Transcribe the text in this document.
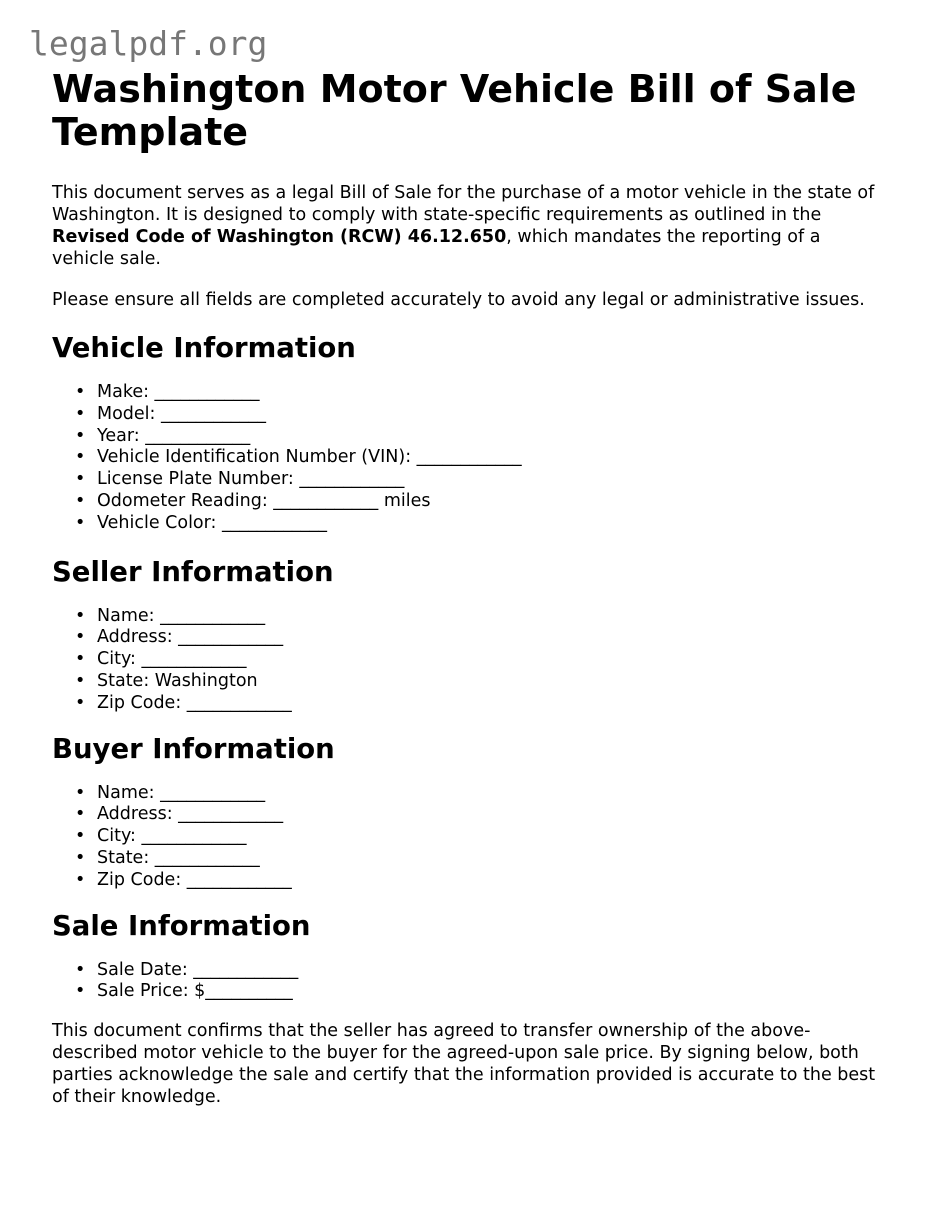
legalpdf.org
Washington Motor Vehicle Bill of Sale Template

This document serves as a legal Bill of Sale for the purchase of a motor vehicle in the state of Washington. It is designed to comply with state-specific requirements as outlined in the Revised Code of Washington (RCW) 46.12.650, which mandates the reporting of a vehicle sale.

Please ensure all fields are completed accurately to avoid any legal or administrative issues.

Vehicle Information
• Make: ____________
• Model: ____________
• Year: ____________
• Vehicle Identification Number (VIN): ____________
• License Plate Number: ____________
• Odometer Reading: ____________ miles
• Vehicle Color: ____________
Seller Information
• Name: ____________
• Address: ____________
• City: ____________
• State: Washington
• Zip Code: ____________
Buyer Information
• Name: ____________
• Address: ____________
• City: ____________
• State: ____________
• Zip Code: ____________
Sale Information
• Sale Date: ____________
• Sale Price: $__________

This document confirms that the seller has agreed to transfer ownership of the above-described motor vehicle to the buyer for the agreed-upon sale price. By signing below, both parties acknowledge the sale and certify that the information provided is accurate to the best of their knowledge.
